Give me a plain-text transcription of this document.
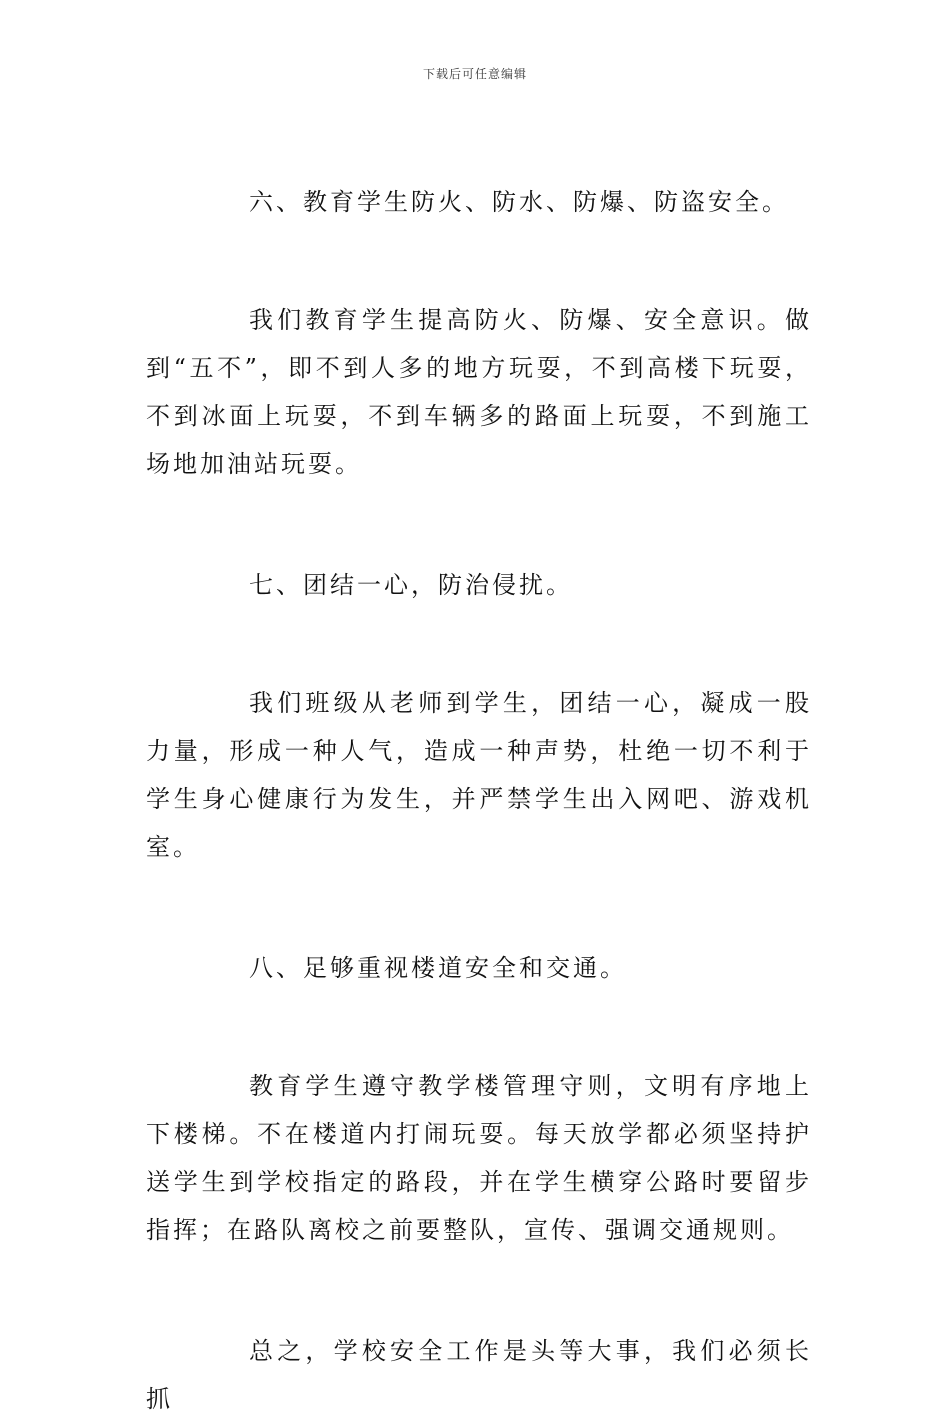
下载后可任意编辑

六、教育学生防火、防水、防爆、防盗安全。

我们教育学生提高防火、防爆、安全意识。做到“五不”，即不到人多的地方玩耍，不到高楼下玩耍，不到冰面上玩耍，不到车辆多的路面上玩耍，不到施工场地加油站玩耍。

七、团结一心，防治侵扰。

我们班级从老师到学生，团结一心，凝成一股力量，形成一种人气，造成一种声势，杜绝一切不利于学生身心健康行为发生，并严禁学生出入网吧、游戏机室。

八、足够重视楼道安全和交通。

教育学生遵守教学楼管理守则，文明有序地上下楼梯。不在楼道内打闹玩耍。每天放学都必须坚持护送学生到学校指定的路段，并在学生横穿公路时要留步指挥；在路队离校之前要整队，宣传、强调交通规则。

总之，学校安全工作是头等大事，我们必须长抓
